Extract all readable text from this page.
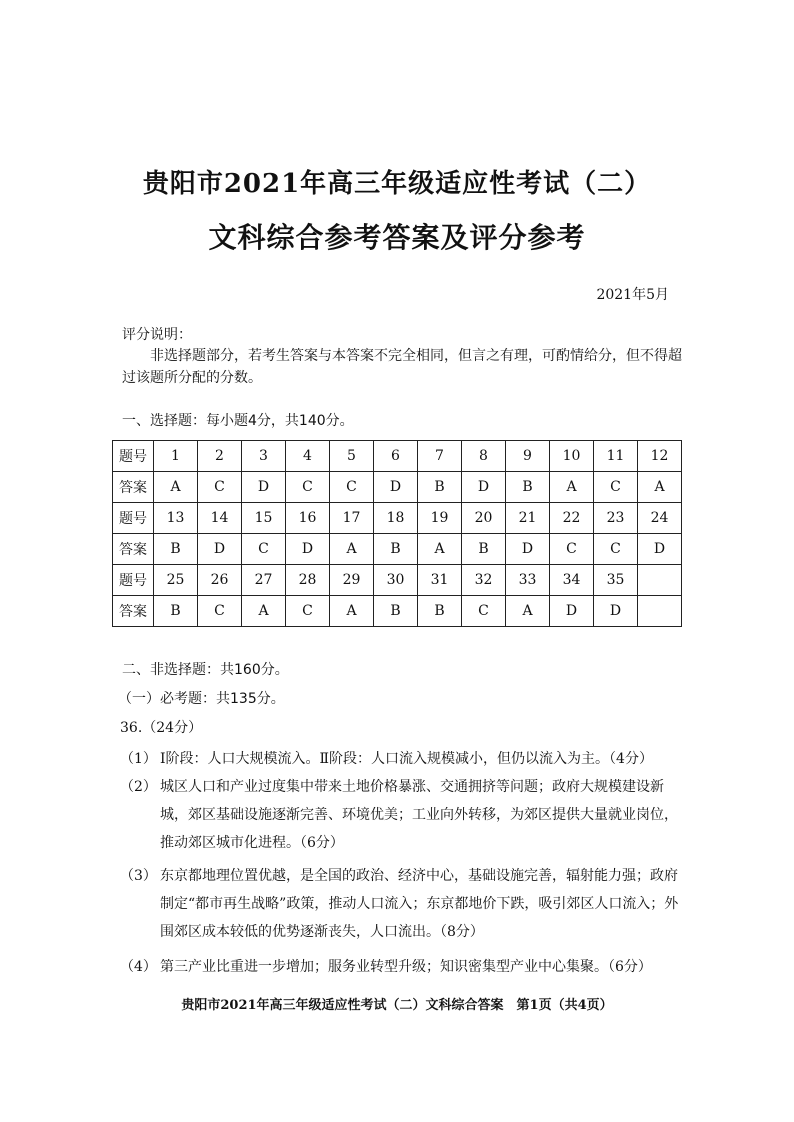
贵阳市2021年高三年级适应性考试（二）
文科综合参考答案及评分参考
2021年5月
评分说明：
非选择题部分，若考生答案与本答案不完全相同，但言之有理，可酌情给分，但不得超过该题所分配的分数。
一、选择题：每小题4分，共140分。
题号	1	2	3	4	5	6	7	8	9	10	11	12
答案	A	C	D	C	C	D	B	D	B	A	C	A
题号	13	14	15	16	17	18	19	20	21	22	23	24
答案	B	D	C	D	A	B	A	B	D	C	C	D
题号	25	26	27	28	29	30	31	32	33	34	35	
答案	B	C	A	C	A	B	B	C	A	D	D	
二、非选择题：共160分。
（一）必考题：共135分。
36.（24分）
（1） Ⅰ阶段：人口大规模流入。Ⅱ阶段：人口流入规模减小，但仍以流入为主。（4分）
（2） 城区人口和产业过度集中带来土地价格暴涨、交通拥挤等问题；政府大规模建设新城，郊区基础设施逐渐完善、环境优美；工业向外转移，为郊区提供大量就业岗位，推动郊区城市化进程。（6分）
（3） 东京都地理位置优越，是全国的政治、经济中心，基础设施完善，辐射能力强；政府制定“都市再生战略”政策，推动人口流入；东京都地价下跌，吸引郊区人口流入；外围郊区成本较低的优势逐渐丧失，人口流出。（8分）
（4） 第三产业比重进一步增加；服务业转型升级；知识密集型产业中心集聚。（6分）
贵阳市2021年高三年级适应性考试（二）文科综合答案　第1页（共4页）
